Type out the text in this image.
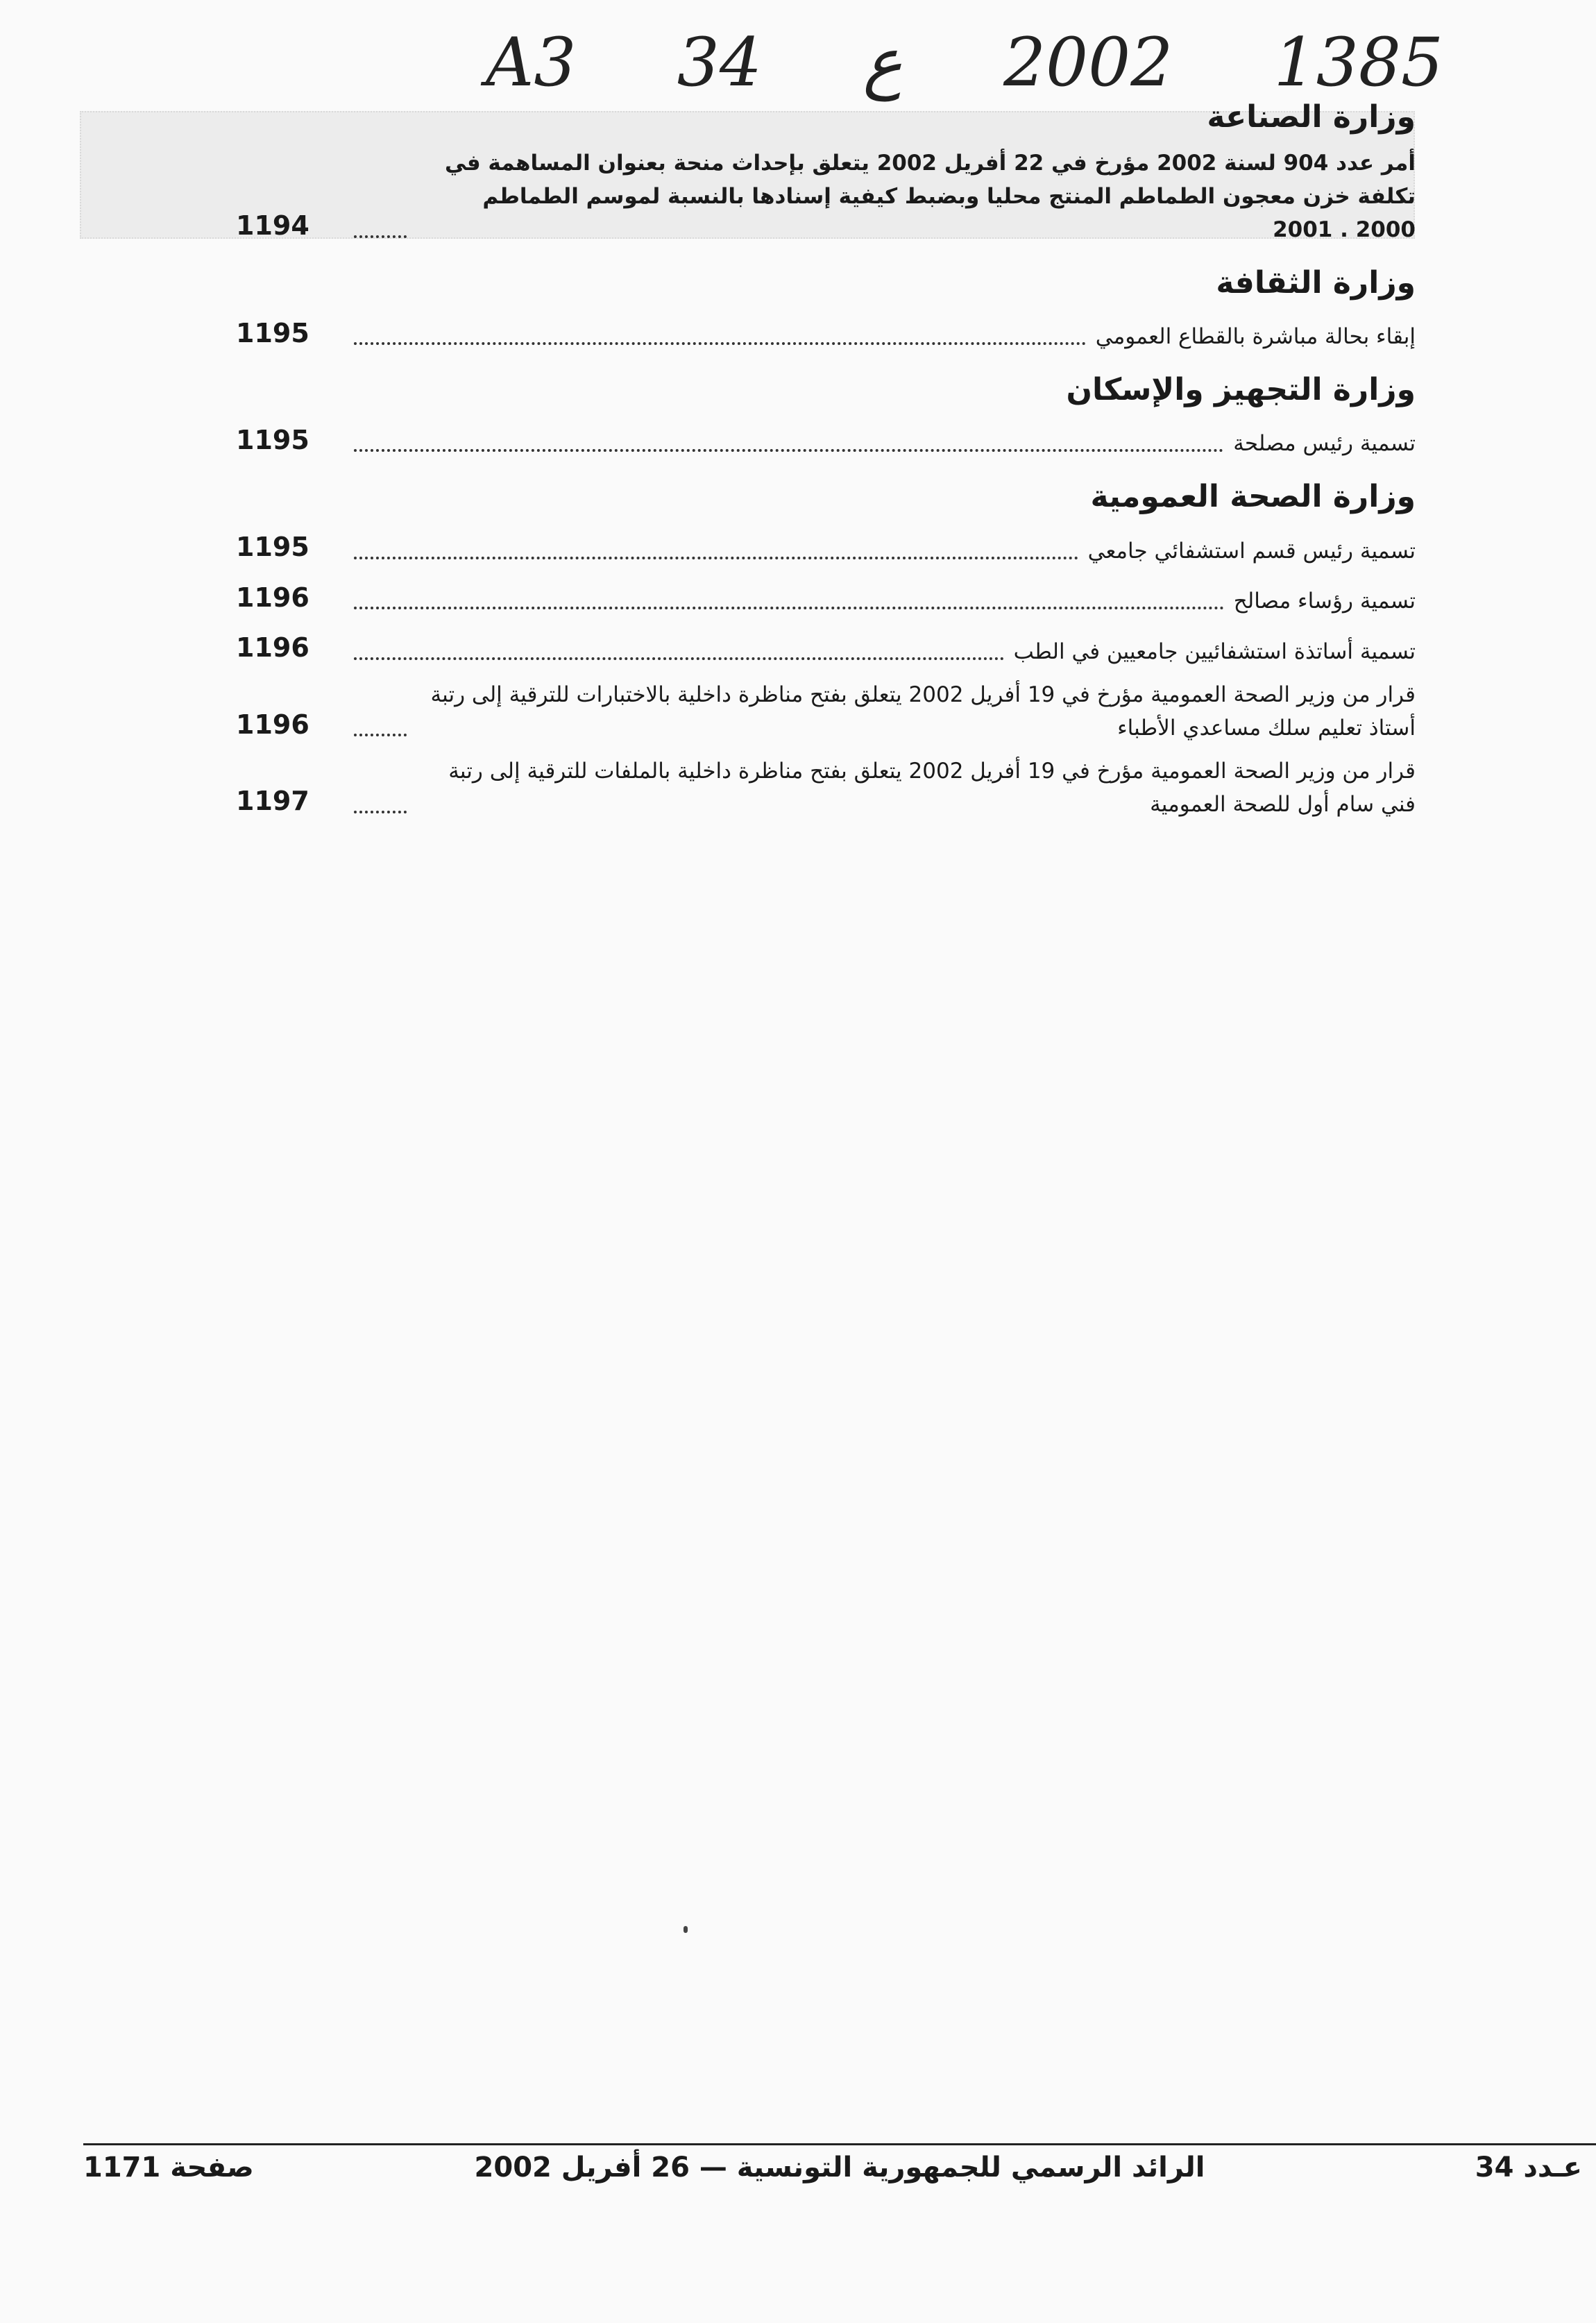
A3 34 ع 2002 1385
وزارة الصناعة
أمر عدد 904 لسنة 2002 مؤرخ في 22 أفريل 2002 يتعلق بإحداث منحة بعنوان المساهمة في تكلفة خزن معجون الطماطم المنتج محليا وبضبط كيفية إسنادها بالنسبة لموسم الطماطم 2000 . 2001
1194
وزارة الثقافة
إبقاء بحالة مباشرة بالقطاع العمومي
1195
وزارة التجهيز والإسكان
تسمية رئيس مصلحة
1195
وزارة الصحة العمومية
تسمية رئيس قسم استشفائي جامعي
1195
تسمية رؤساء مصالح
1196
تسمية أساتذة استشفائيين جامعيين في الطب
1196
قرار من وزير الصحة العمومية مؤرخ في 19 أفريل 2002 يتعلق بفتح مناظرة داخلية بالاختبارات للترقية إلى رتبة أستاذ تعليم سلك مساعدي الأطباء
1196
قرار من وزير الصحة العمومية مؤرخ في 19 أفريل 2002 يتعلق بفتح مناظرة داخلية بالملفات للترقية إلى رتبة فني سام أول للصحة العمومية
1197
صفحة 1171	الرائد الرسمي للجمهورية التونسية — 26 أفريل 2002	عـدد 34
